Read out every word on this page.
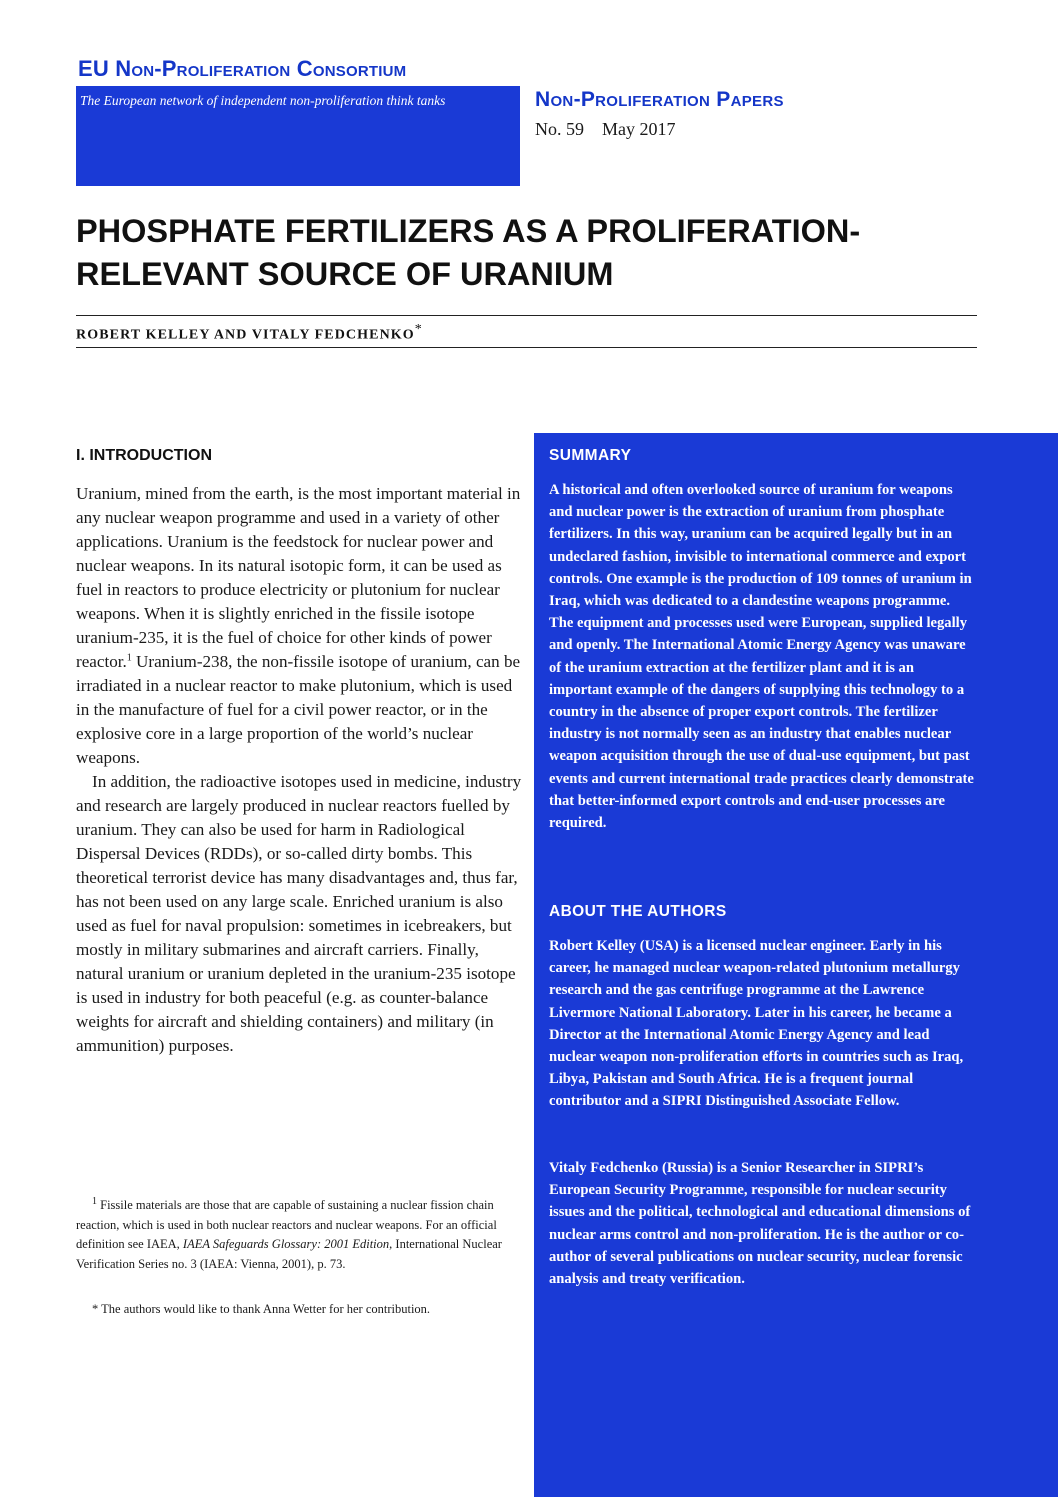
EU Non-Proliferation Consortium
The European network of independent non-proliferation think tanks	Non-Proliferation Papers
No. 59 May 2017
PHOSPHATE FERTILIZERS AS A PROLIFERATION-RELEVANT SOURCE OF URANIUM
ROBERT KELLEY AND VITALY FEDCHENKO*
I. INTRODUCTION

Uranium, mined from the earth, is the most important material in any nuclear weapon programme and used in a variety of other applications. Uranium is the feedstock for nuclear power and nuclear weapons. In its natural isotopic form, it can be used as fuel in reactors to produce electricity or plutonium for nuclear weapons. When it is slightly enriched in the fissile isotope uranium-235, it is the fuel of choice for other kinds of power reactor.$^1$ Uranium-238, the non-fissile isotope of uranium, can be irradiated in a nuclear reactor to make plutonium, which is used in the manufacture of fuel for a civil power reactor, or in the explosive core in a large proportion of the world’s nuclear weapons.

In addition, the radioactive isotopes used in medicine, industry and research are largely produced in nuclear reactors fuelled by uranium. They can also be used for harm in Radiological Dispersal Devices (RDDs), or so-called dirty bombs. This theoretical terrorist device has many disadvantages and, thus far, has not been used on any large scale. Enriched uranium is also used as fuel for naval propulsion: sometimes in icebreakers, but mostly in military submarines and aircraft carriers. Finally, natural uranium or uranium depleted in the uranium-235 isotope is used in industry for both peaceful (e.g. as counter-balance weights for aircraft and shielding containers) and military (in ammunition) purposes.

$^1$ Fissile materials are those that are capable of sustaining a nuclear fission chain reaction, which is used in both nuclear reactors and nuclear weapons. For an official definition see IAEA, IAEA Safeguards Glossary: 2001 Edition, International Nuclear Verification Series no. 3 (IAEA: Vienna, 2001), p. 73.
* The authors would like to thank Anna Wetter for her contribution.
SUMMARY

A historical and often overlooked source of uranium for weapons and nuclear power is the extraction of uranium from phosphate fertilizers. In this way, uranium can be acquired legally but in an undeclared fashion, invisible to international commerce and export controls. One example is the production of 109 tonnes of uranium in Iraq, which was dedicated to a clandestine weapons programme. The equipment and processes used were European, supplied legally and openly. The International Atomic Energy Agency was unaware of the uranium extraction at the fertilizer plant and it is an important example of the dangers of supplying this technology to a country in the absence of proper export controls. The fertilizer industry is not normally seen as an industry that enables nuclear weapon acquisition through the use of dual-use equipment, but past events and current international trade practices clearly demonstrate that better-informed export controls and end-user processes are required.

ABOUT THE AUTHORS

Robert Kelley (USA) is a licensed nuclear engineer. Early in his career, he managed nuclear weapon-related plutonium metallurgy research and the gas centrifuge programme at the Lawrence Livermore National Laboratory. Later in his career, he became a Director at the International Atomic Energy Agency and lead nuclear weapon non-proliferation efforts in countries such as Iraq, Libya, Pakistan and South Africa. He is a frequent journal contributor and a SIPRI Distinguished Associate Fellow.

Vitaly Fedchenko (Russia) is a Senior Researcher in SIPRI’s European Security Programme, responsible for nuclear security issues and the political, technological and educational dimensions of nuclear arms control and non-proliferation. He is the author or co-author of several publications on nuclear security, nuclear forensic analysis and treaty verification.
